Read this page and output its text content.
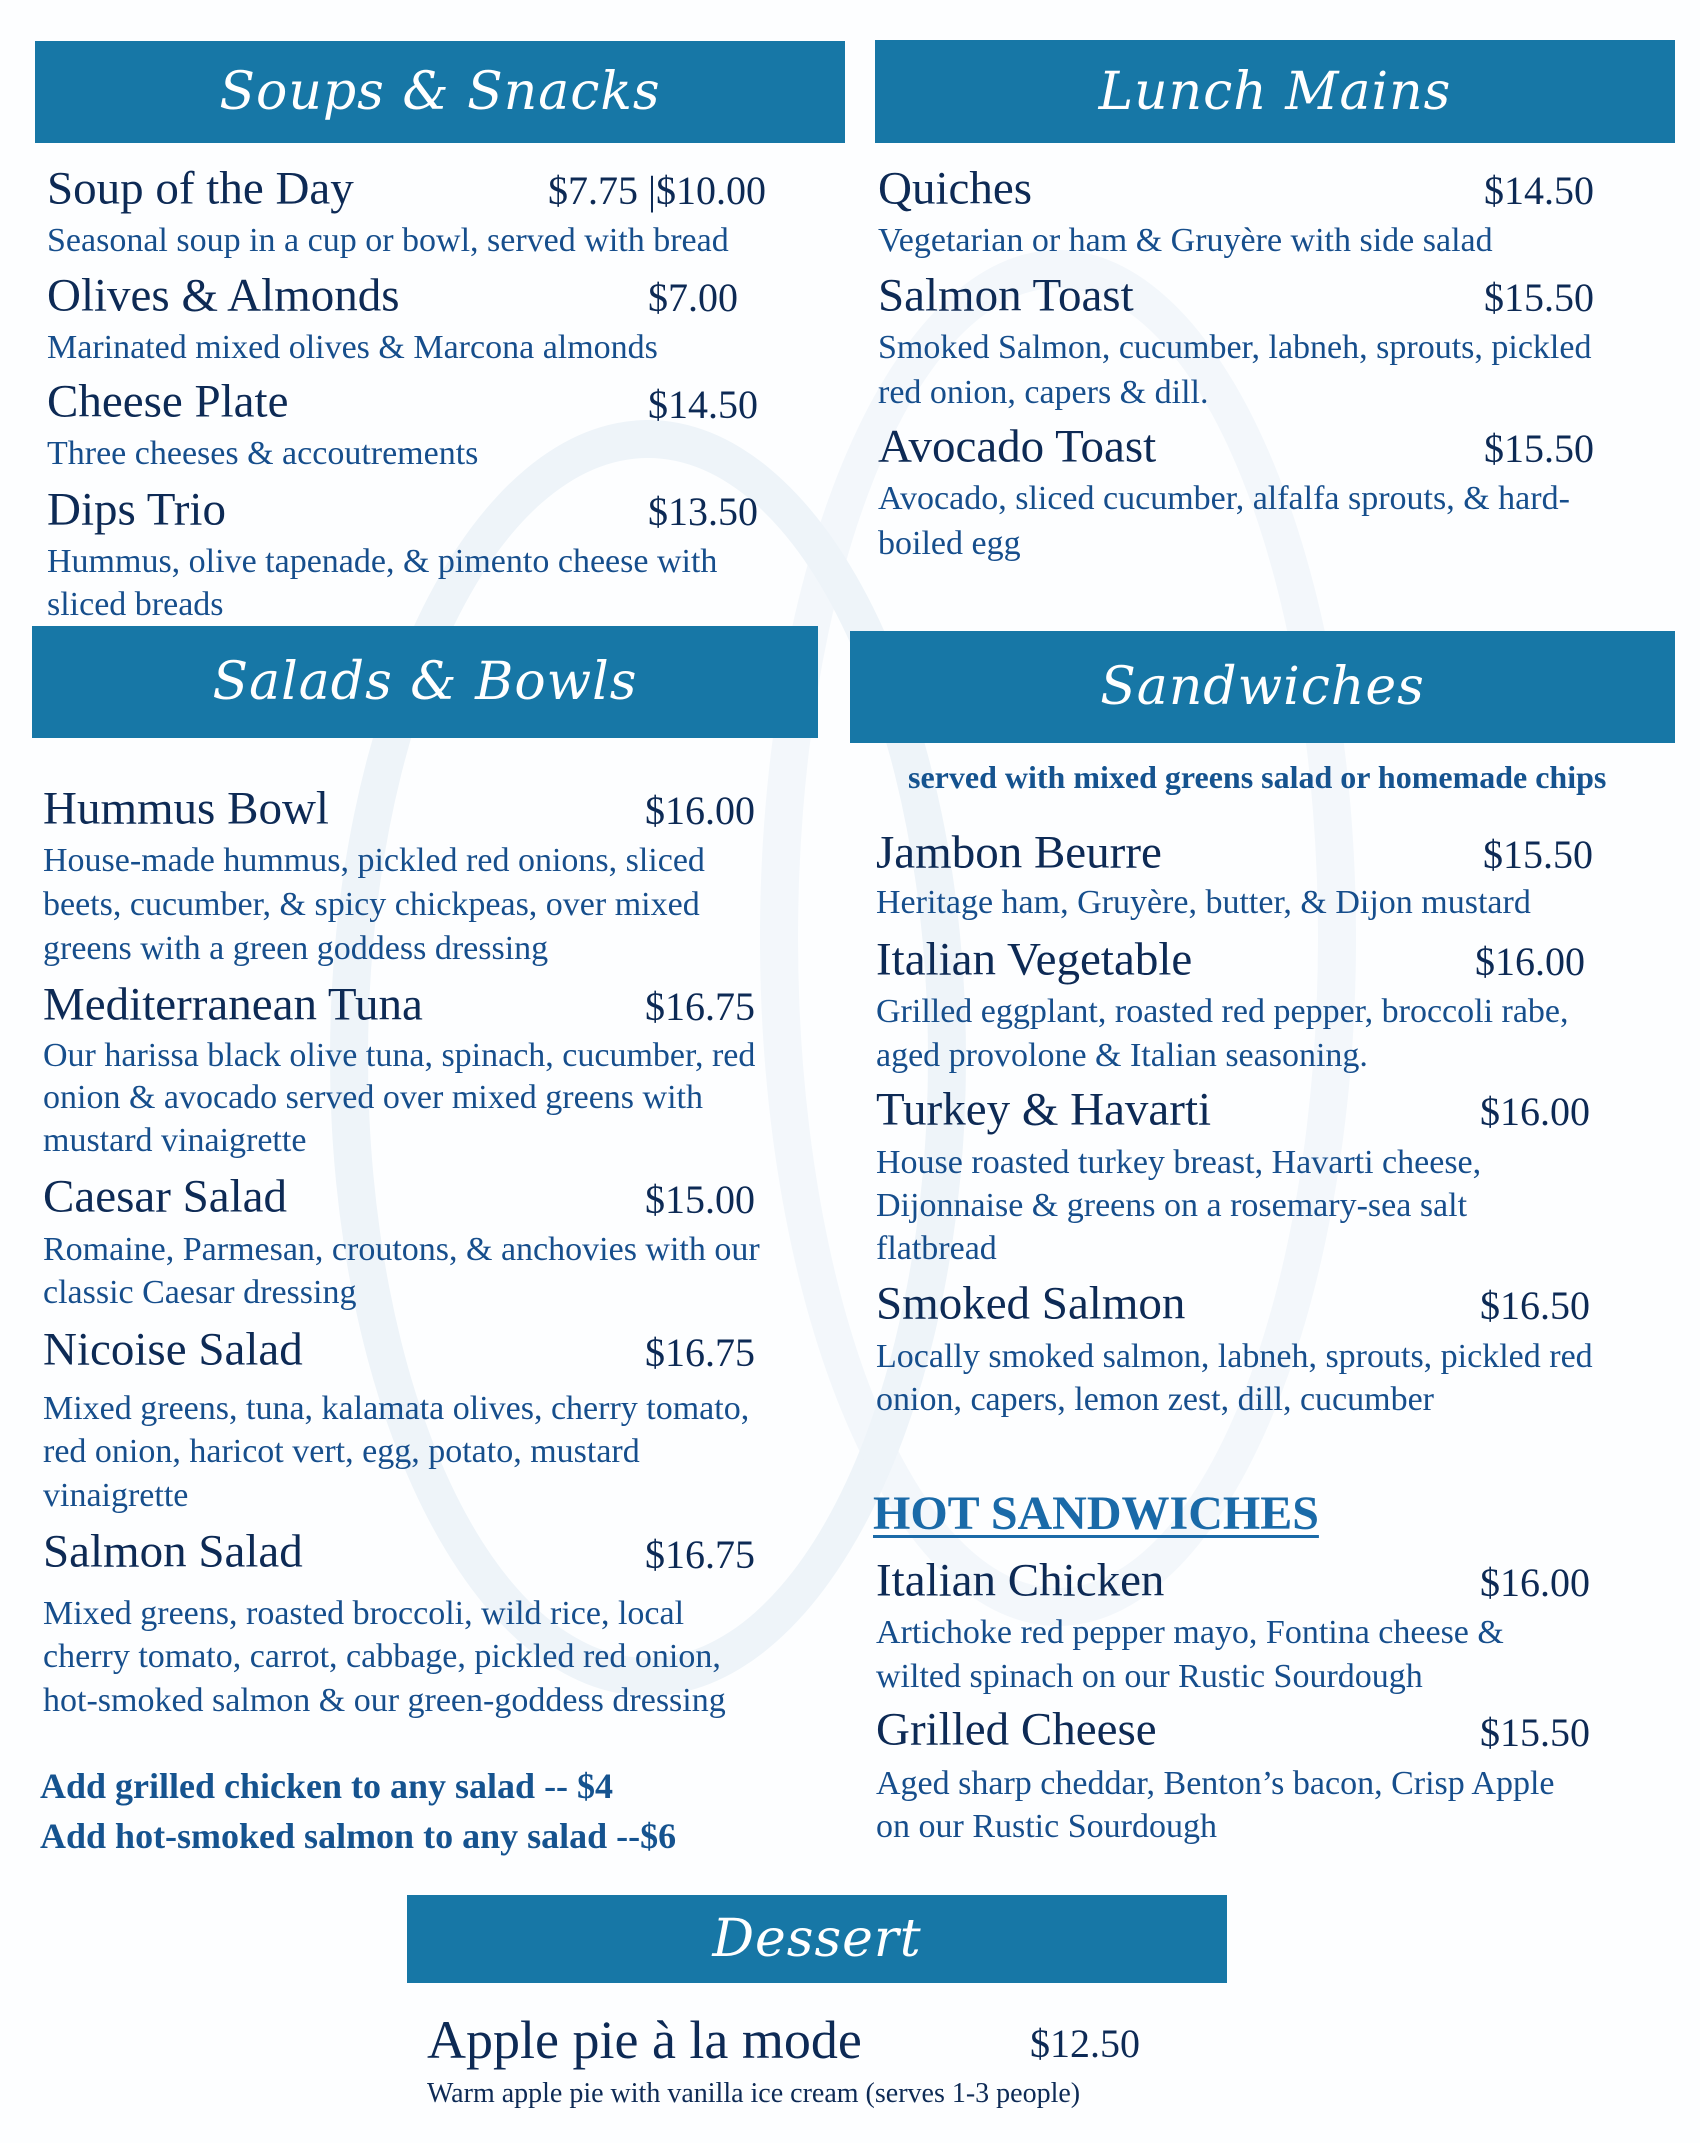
Soups & Snacks
Soup of the Day	$7.75 |$10.00
Seasonal soup in a cup or bowl, served with bread
Olives & Almonds	$7.00
Marinated mixed olives & Marcona almonds
Cheese Plate	$14.50
Three cheeses & accoutrements
Dips Trio	$13.50
Hummus, olive tapenade, & pimento cheese with
sliced breads
Lunch Mains
Quiches	$14.50
Vegetarian or ham & Gruyère with side salad
Salmon Toast	$15.50
Smoked Salmon, cucumber, labneh, sprouts, pickled
red onion, capers & dill.
Avocado Toast	$15.50
Avocado, sliced cucumber, alfalfa sprouts, & hard-
boiled egg
Salads & Bowls
Hummus Bowl	$16.00
House-made hummus, pickled red onions, sliced
beets, cucumber, & spicy chickpeas, over mixed
greens with a green goddess dressing
Mediterranean Tuna	$16.75
Our harissa black olive tuna, spinach, cucumber, red
onion & avocado served over mixed greens with
mustard vinaigrette
Caesar Salad	$15.00
Romaine, Parmesan, croutons, & anchovies with our
classic Caesar dressing
Nicoise Salad	$16.75
Mixed greens, tuna, kalamata olives, cherry tomato,
red onion, haricot vert, egg, potato, mustard
vinaigrette
Salmon Salad	$16.75
Mixed greens, roasted broccoli, wild rice, local
cherry tomato, carrot, cabbage, pickled red onion,
hot-smoked salmon & our green-goddess dressing
Add grilled chicken to any salad -- $4
Add hot-smoked salmon to any salad --$6
Sandwiches
served with mixed greens salad or homemade chips
Jambon Beurre	$15.50
Heritage ham, Gruyère, butter, & Dijon mustard
Italian Vegetable	$16.00
Grilled eggplant, roasted red pepper, broccoli rabe,
aged provolone & Italian seasoning.
Turkey & Havarti	$16.00
House roasted turkey breast, Havarti cheese,
Dijonnaise & greens on a rosemary-sea salt
flatbread
Smoked Salmon	$16.50
Locally smoked salmon, labneh, sprouts, pickled red
onion, capers, lemon zest, dill, cucumber
HOT SANDWICHES
Italian Chicken	$16.00
Artichoke red pepper mayo, Fontina cheese &
wilted spinach on our Rustic Sourdough
Grilled Cheese	$15.50
Aged sharp cheddar, Benton’s bacon, Crisp Apple
on our Rustic Sourdough
Dessert
Apple pie à la mode	$12.50
Warm apple pie with vanilla ice cream (serves 1-3 people)
